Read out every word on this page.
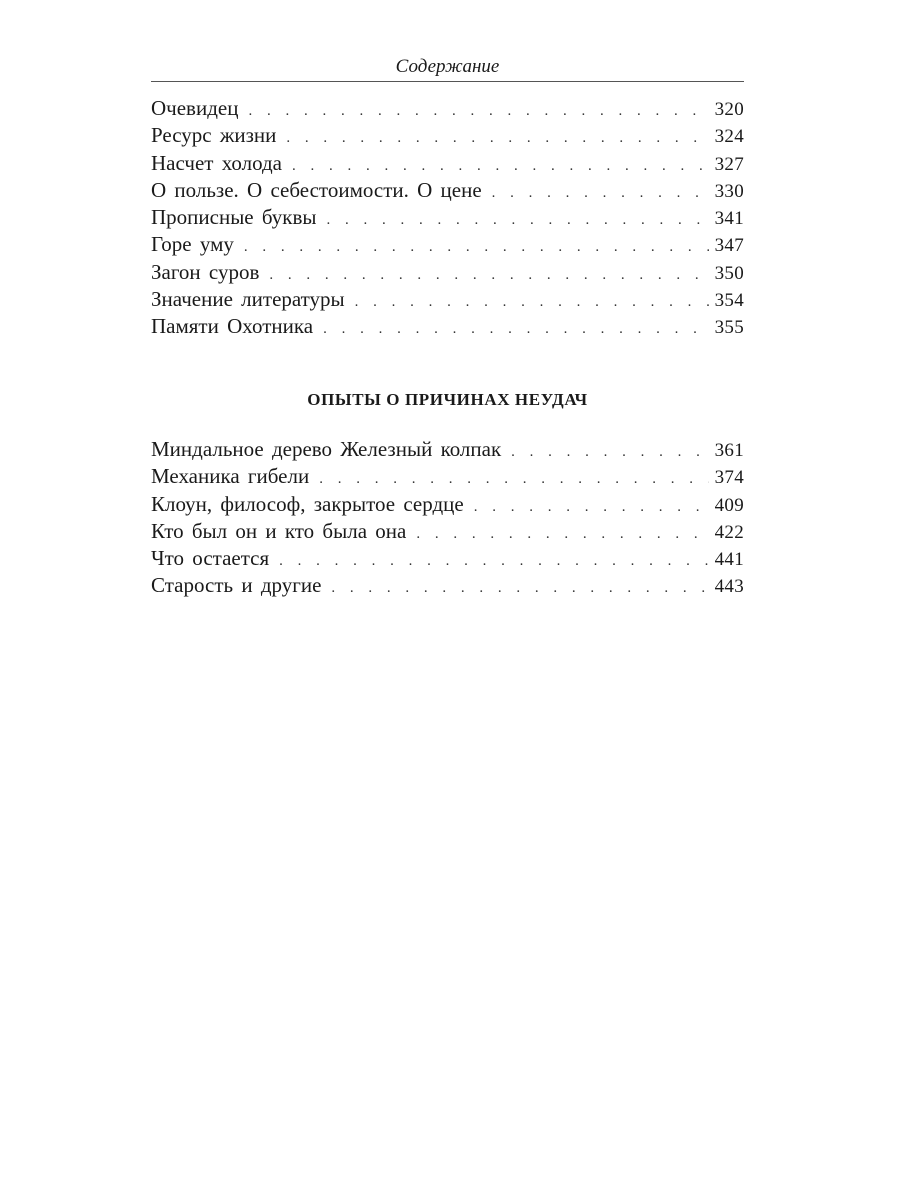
Содержание
Очевидец . . .	320
Ресурс жизни . . .	324
Насчет холода . . .	327
О пользе. О себестоимости. О цене . . .	330
Прописные буквы . . .	341
Горе уму . . .	347
Загон суров . . .	350
Значение литературы . . .	354
Памяти Охотника . . .	355
ОПЫТЫ О ПРИЧИНАХ НЕУДАЧ
Миндальное дерево Железный колпак . . .	361
Механика гибели . . .	374
Клоун, философ, закрытое сердце . . .	409
Кто был он и кто была она . . .	422
Что остается . . .	441
Старость и другие . . .	443
